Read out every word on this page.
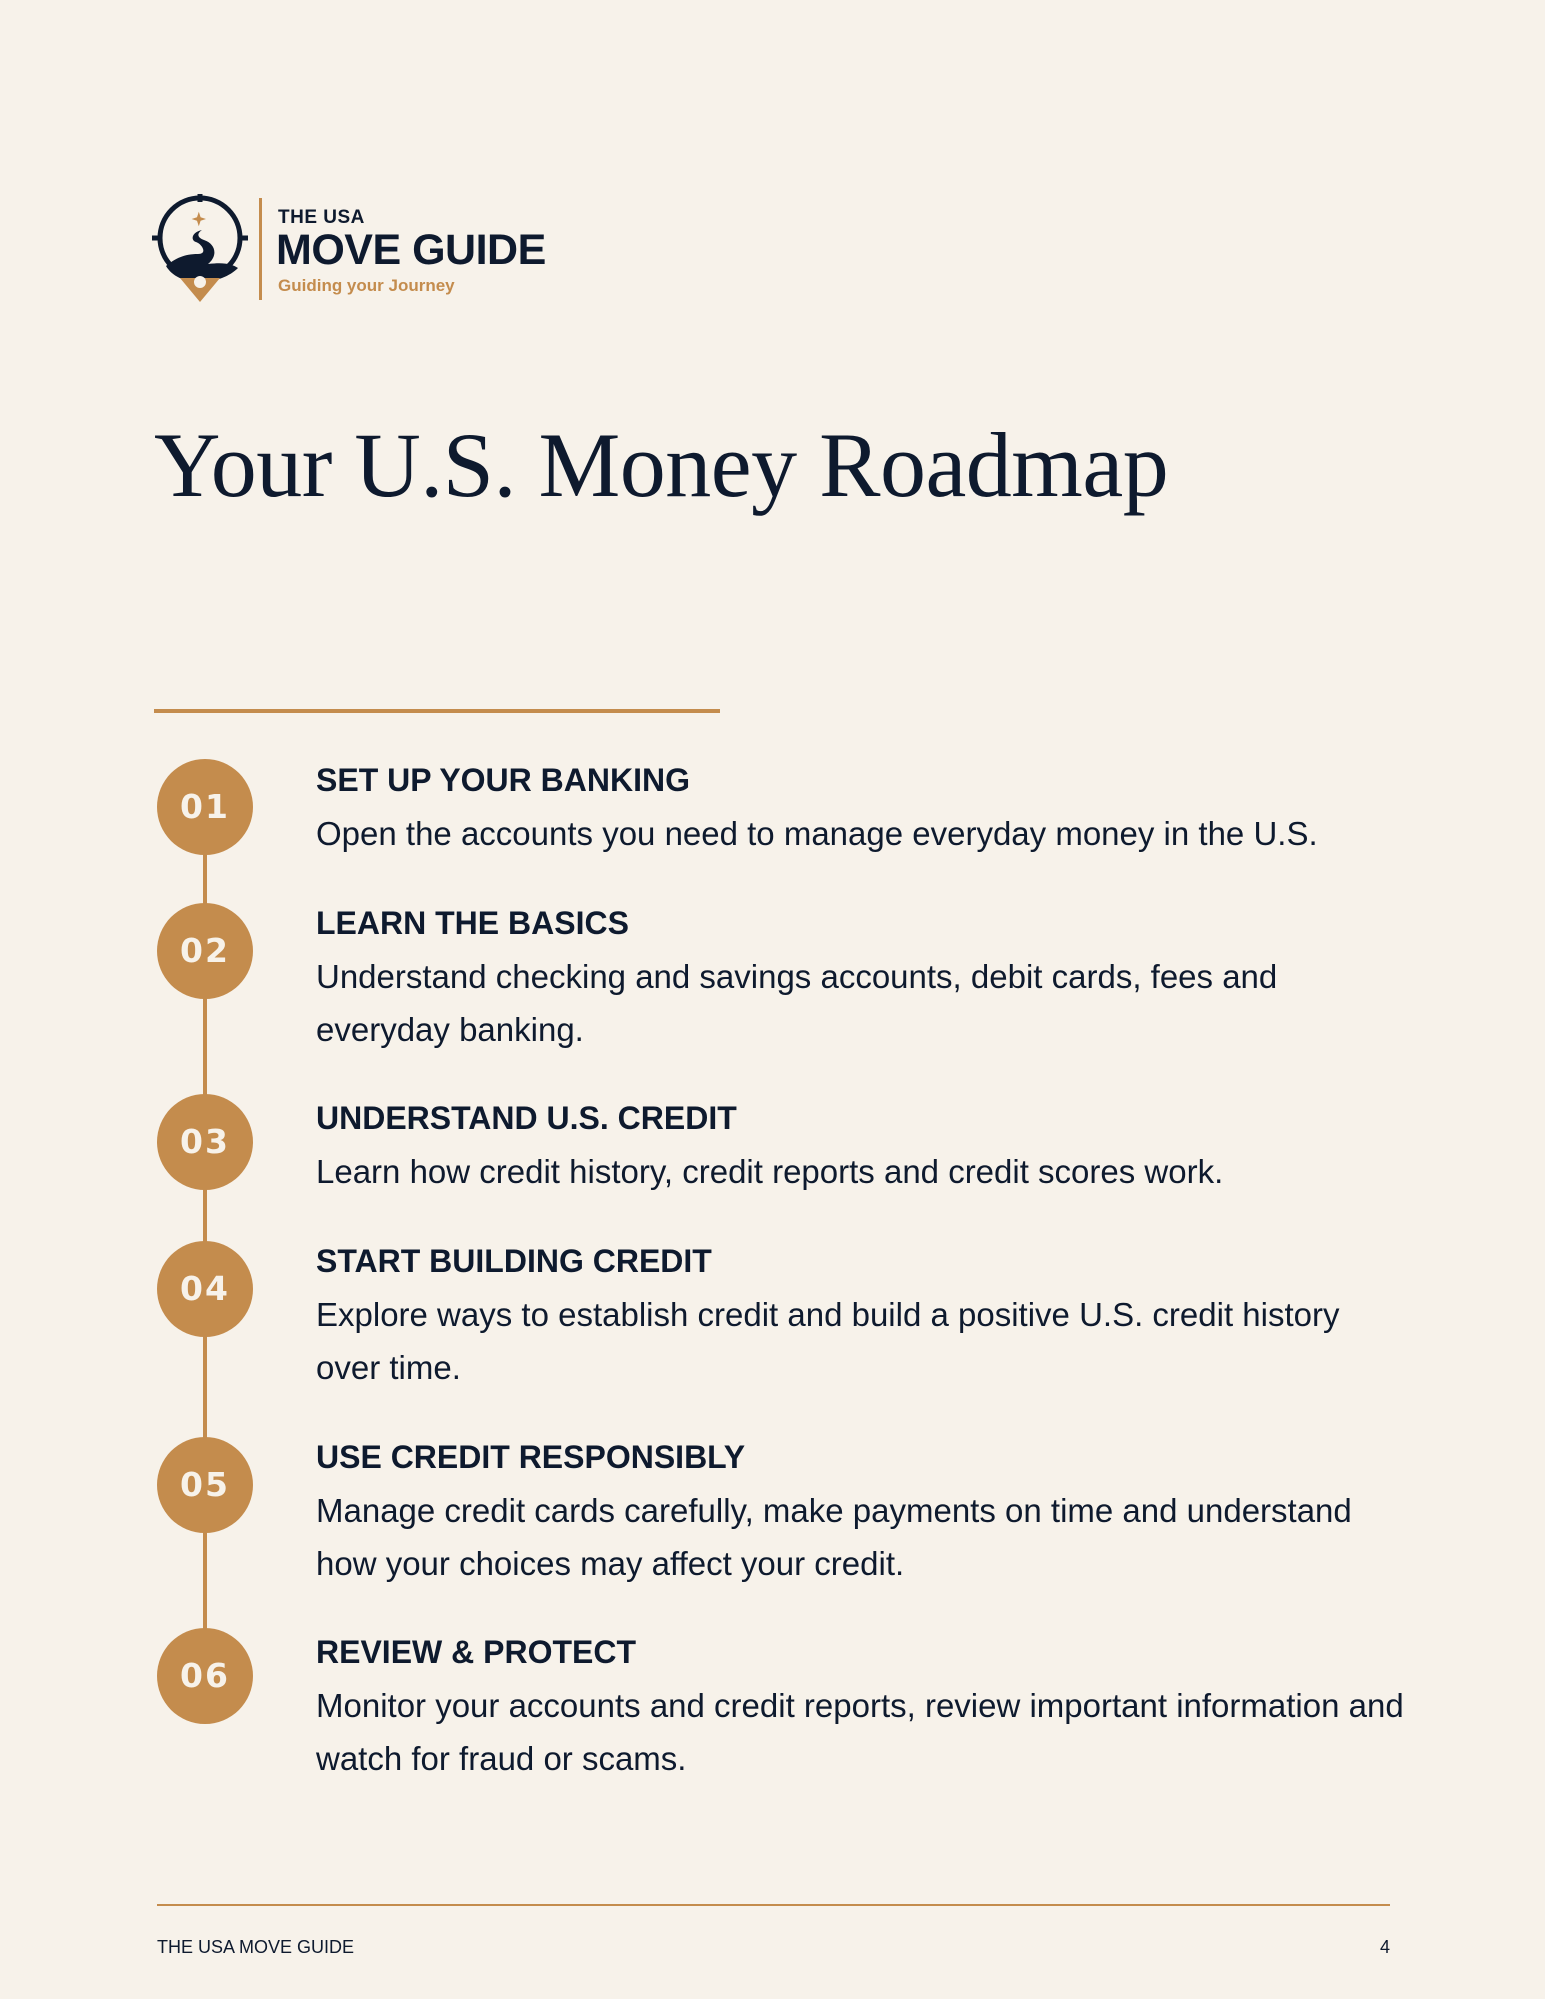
THE USA
MOVE GUIDE
Guiding your Journey
Your U.S. Money Roadmap
01
SET UP YOUR BANKING
Open the accounts you need to manage everyday money in the U.S.
02
LEARN THE BASICS
Understand checking and savings accounts, debit cards, fees and everyday banking.
03
UNDERSTAND U.S. CREDIT
Learn how credit history, credit reports and credit scores work.
04
START BUILDING CREDIT
Explore ways to establish credit and build a positive U.S. credit history over time.
05
USE CREDIT RESPONSIBLY
Manage credit cards carefully, make payments on time and understand how your choices may affect your credit.
06
REVIEW & PROTECT
Monitor your accounts and credit reports, review important information and watch for fraud or scams.
THE USA MOVE GUIDE	4
